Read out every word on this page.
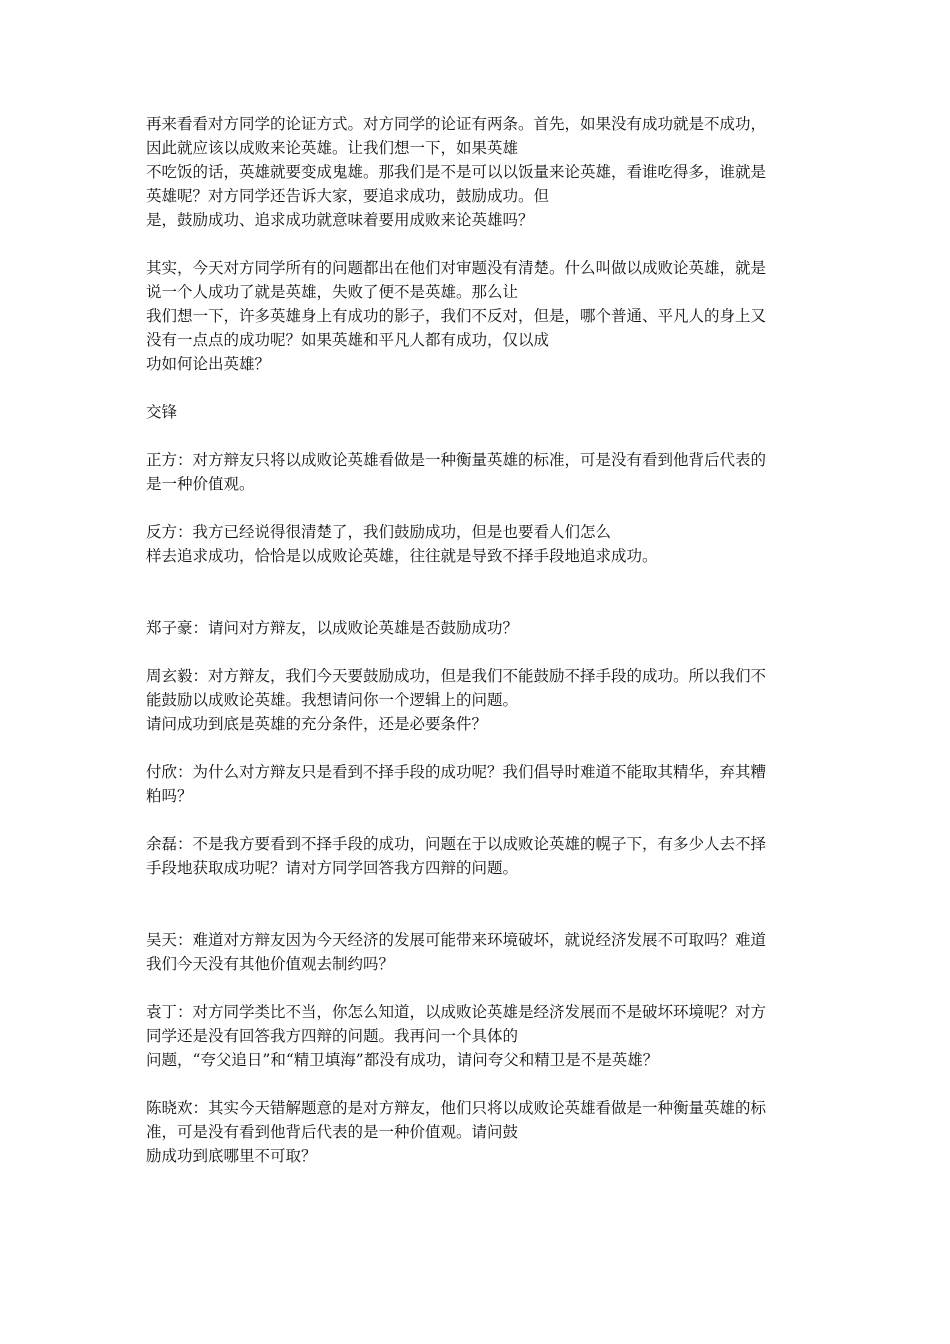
再来看看对方同学的论证方式。对方同学的论证有两条。首先，如果没有成功就是不成功，
因此就应该以成败来论英雄。让我们想一下，如果英雄
不吃饭的话，英雄就要变成鬼雄。那我们是不是可以以饭量来论英雄，看谁吃得多，谁就是
英雄呢？对方同学还告诉大家，要追求成功，鼓励成功。但
是，鼓励成功、追求成功就意味着要用成败来论英雄吗？
其实，今天对方同学所有的问题都出在他们对审题没有清楚。什么叫做以成败论英雄，就是
说一个人成功了就是英雄，失败了便不是英雄。那么让
我们想一下，许多英雄身上有成功的影子，我们不反对，但是，哪个普通、平凡人的身上又
没有一点点的成功呢？如果英雄和平凡人都有成功，仅以成
功如何论出英雄？
交锋
正方：对方辩友只将以成败论英雄看做是一种衡量英雄的标准，可是没有看到他背后代表的
是一种价值观。
反方：我方已经说得很清楚了，我们鼓励成功，但是也要看人们怎么
样去追求成功，恰恰是以成败论英雄，往往就是导致不择手段地追求成功。
郑子豪：请问对方辩友，以成败论英雄是否鼓励成功？
周玄毅：对方辩友，我们今天要鼓励成功，但是我们不能鼓励不择手段的成功。所以我们不
能鼓励以成败论英雄。我想请问你一个逻辑上的问题。
请问成功到底是英雄的充分条件，还是必要条件？
付欣：为什么对方辩友只是看到不择手段的成功呢？我们倡导时难道不能取其精华，弃其糟
粕吗？
余磊：不是我方要看到不择手段的成功，问题在于以成败论英雄的幌子下，有多少人去不择
手段地获取成功呢？请对方同学回答我方四辩的问题。
吴天：难道对方辩友因为今天经济的发展可能带来环境破坏，就说经济发展不可取吗？难道
我们今天没有其他价值观去制约吗？
袁丁：对方同学类比不当，你怎么知道，以成败论英雄是经济发展而不是破坏环境呢？对方
同学还是没有回答我方四辩的问题。我再问一个具体的
问题，“夸父追日”和“精卫填海”都没有成功，请问夸父和精卫是不是英雄？
陈晓欢：其实今天错解题意的是对方辩友，他们只将以成败论英雄看做是一种衡量英雄的标
准，可是没有看到他背后代表的是一种价值观。请问鼓
励成功到底哪里不可取？
